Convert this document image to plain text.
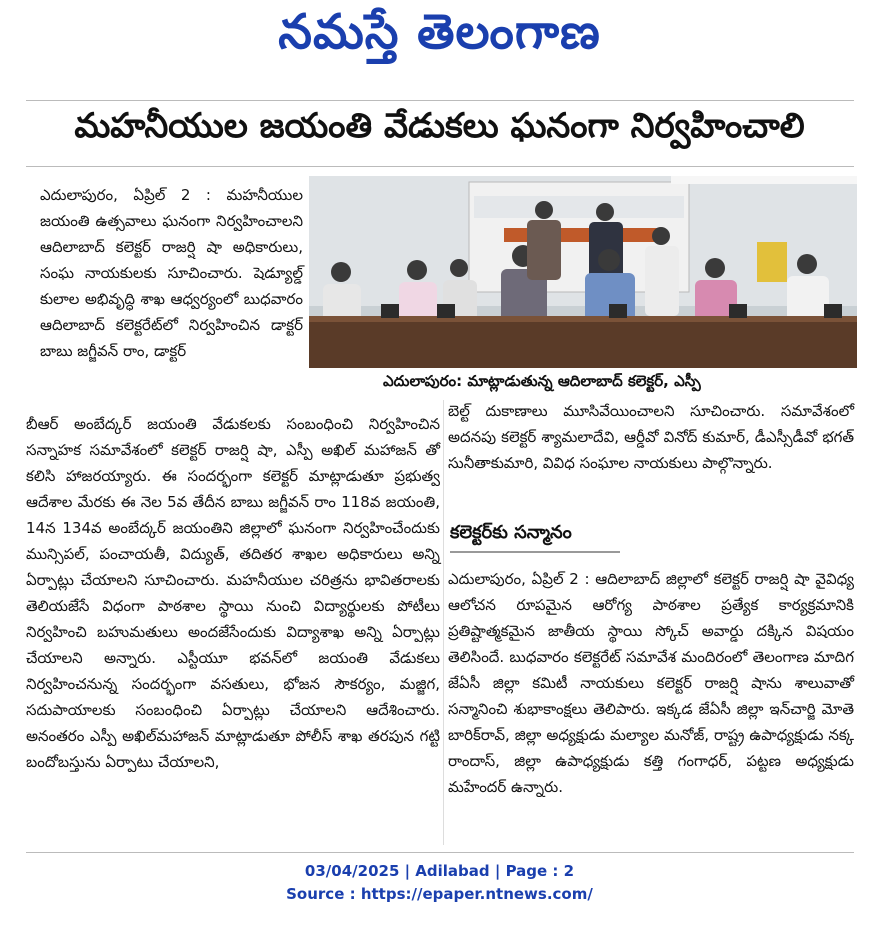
నమస్తే తెలంగాణ
మహనీయుల జయంతి వేడుకలు ఘనంగా నిర్వహించాలి

ఎదులాపురం, ఏప్రిల్ 2 : మహనీయుల జయంతి ఉత్సవాలు ఘనంగా నిర్వహించాలని ఆదిలాబాద్ కలెక్టర్ రాజర్షి షా అధికారులు, సంఘ నాయకులకు సూచించారు. షెడ్యూల్డ్ కులాల అభివృద్ధి శాఖ ఆధ్వర్యంలో బుధవారం ఆదిలాబాద్ కలెక్టరేట్‌లో నిర్వహించిన డాక్టర్ బాబు జగ్జీవన్ రాం, డాక్టర్

ఎదులాపురం: మాట్లాడుతున్న ఆదిలాబాద్ కలెక్టర్, ఎస్పీ

బీఆర్ అంబేద్కర్ జయంతి వేడుకలకు సంబంధించి నిర్వహించిన సన్నాహక సమావేశంలో కలెక్టర్ రాజర్షి షా, ఎస్పీ అఖిల్ మహాజన్ తో కలిసి హాజరయ్యారు. ఈ సందర్భంగా కలెక్టర్ మాట్లాడుతూ ప్రభుత్వ ఆదేశాల మేరకు ఈ నెల 5వ తేదీన బాబు జగ్జీవన్ రాం 118వ జయంతి, 14న 134వ అంబేద్కర్ జయంతిని జిల్లాలో ఘనంగా నిర్వహించేందుకు మున్సిపల్, పంచాయతీ, విద్యుత్, తదితర శాఖల అధికారులు అన్ని ఏర్పాట్లు చేయాలని సూచించారు. మహనీయుల చరిత్రను భావితరాలకు తెలియజేసే విధంగా పాఠశాల స్థాయి నుంచి విద్యార్థులకు పోటీలు నిర్వహించి బహుమతులు అందజేసేందుకు విద్యాశాఖ అన్ని ఏర్పాట్లు చేయాలని అన్నారు. ఎస్టీయూ భవన్‌లో జయంతి వేడుకలు నిర్వహించనున్న సందర్భంగా వసతులు, భోజన సౌకర్యం, మజ్జిగ, సదుపాయాలకు సంబంధించి ఏర్పాట్లు చేయాలని ఆదేశించారు. అనంతరం ఎస్పీ అఖిల్‌మహాజన్ మాట్లాడుతూ పోలీస్ శాఖ తరపున గట్టి బందోబస్తును ఏర్పాటు చేయాలని,

బెల్ట్ దుకాణాలు మూసివేయించాలని సూచించారు. సమావేశంలో అదనపు కలెక్టర్ శ్యామలాదేవి, ఆర్డీవో వినోద్ కుమార్, డీఎస్సీడీవో భగత్ సునీతాకుమారి, వివిధ సంఘాల నాయకులు పాల్గొన్నారు.

కలెక్టర్‌కు సన్మానం

ఎదులాపురం, ఏప్రిల్ 2 : ఆదిలాబాద్ జిల్లాలో కలెక్టర్ రాజర్షి షా వైవిధ్య ఆలోచన రూపమైన ఆరోగ్య పాఠశాల ప్రత్యేక కార్యక్రమానికి ప్రతిష్టాత్మకమైన జాతీయ స్థాయి స్కోచ్ అవార్డు దక్కిన విషయం తెలిసిందే. బుధవారం కలెక్టరేట్ సమావేశ మందిరంలో తెలంగాణ మాదిగ జేఏసీ జిల్లా కమిటీ నాయకులు కలెక్టర్ రాజర్షి షాను శాలువాతో సన్మానించి శుభాకాంక్షలు తెలిపారు. ఇక్కడ జేఏసీ జిల్లా ఇన్‌చార్జి మోతె బారిక్‌రావ్, జిల్లా అధ్యక్షుడు మల్యాల మనోజ్, రాష్ట్ర ఉపాధ్యక్షుడు నక్క రాందాస్, జిల్లా ఉపాధ్యక్షుడు కత్తి గంగాధర్, పట్టణ అధ్యక్షుడు మహేందర్ ఉన్నారు.

03/04/2025 | Adilabad | Page : 2
Source : https://epaper.ntnews.com/
